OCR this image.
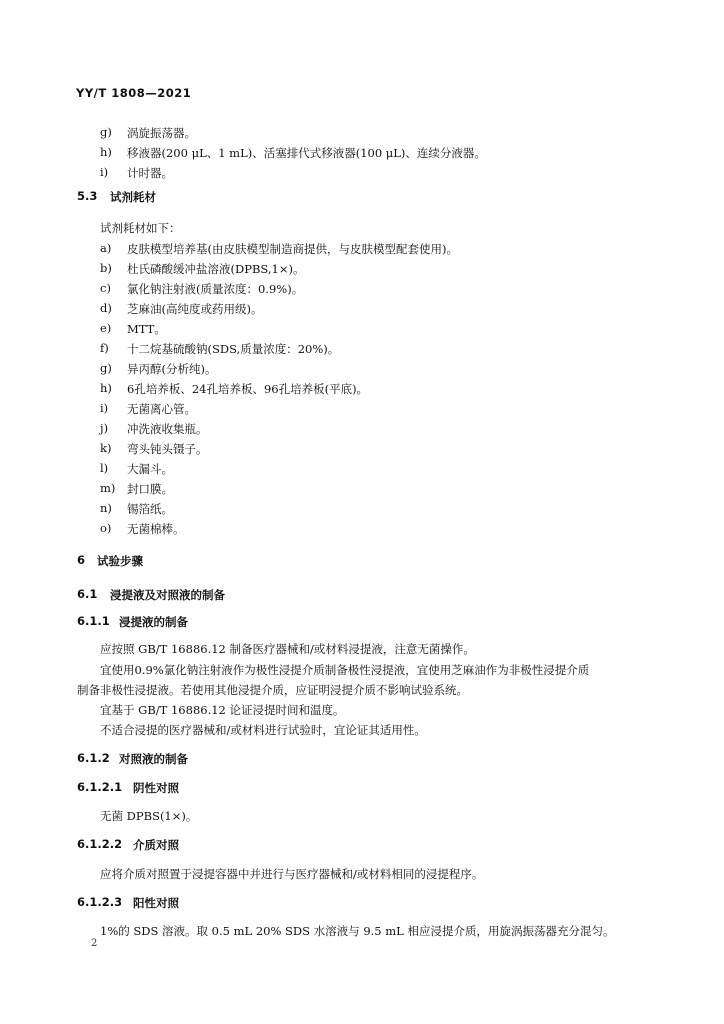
YY/T 1808—2021
g) 涡旋振荡器。
h) 移液器(200 μL、1 mL)、活塞排代式移液器(100 μL)、连续分液器。
i) 计时器。
5.3 试剂耗材
试剂耗材如下：
a) 皮肤模型培养基(由皮肤模型制造商提供，与皮肤模型配套使用)。
b) 杜氏磷酸缓冲盐溶液(DPBS,1×)。
c) 氯化钠注射液(质量浓度：0.9%)。
d) 芝麻油(高纯度或药用级)。
e) MTT。
f) 十二烷基硫酸钠(SDS,质量浓度：20%)。
g) 异丙醇(分析纯)。
h) 6孔培养板、24孔培养板、96孔培养板(平底)。
i) 无菌离心管。
j) 冲洗液收集瓶。
k) 弯头钝头镊子。
l) 大漏斗。
m) 封口膜。
n) 锡箔纸。
o) 无菌棉棒。
6 试验步骤
6.1 浸提液及对照液的制备
6.1.1 浸提液的制备
应按照 GB/T 16886.12 制备医疗器械和/或材料浸提液，注意无菌操作。
宜使用0.9%氯化钠注射液作为极性浸提介质制备极性浸提液，宜使用芝麻油作为非极性浸提介质
制备非极性浸提液。若使用其他浸提介质，应证明浸提介质不影响试验系统。
宜基于 GB/T 16886.12 论证浸提时间和温度。
不适合浸提的医疗器械和/或材料进行试验时，宜论证其适用性。
6.1.2 对照液的制备
6.1.2.1 阴性对照
无菌 DPBS(1×)。
6.1.2.2 介质对照
应将介质对照置于浸提容器中并进行与医疗器械和/或材料相同的浸提程序。
6.1.2.3 阳性对照
1%的 SDS 溶液。取 0.5 mL 20% SDS 水溶液与 9.5 mL 相应浸提介质，用旋涡振荡器充分混匀。
2
